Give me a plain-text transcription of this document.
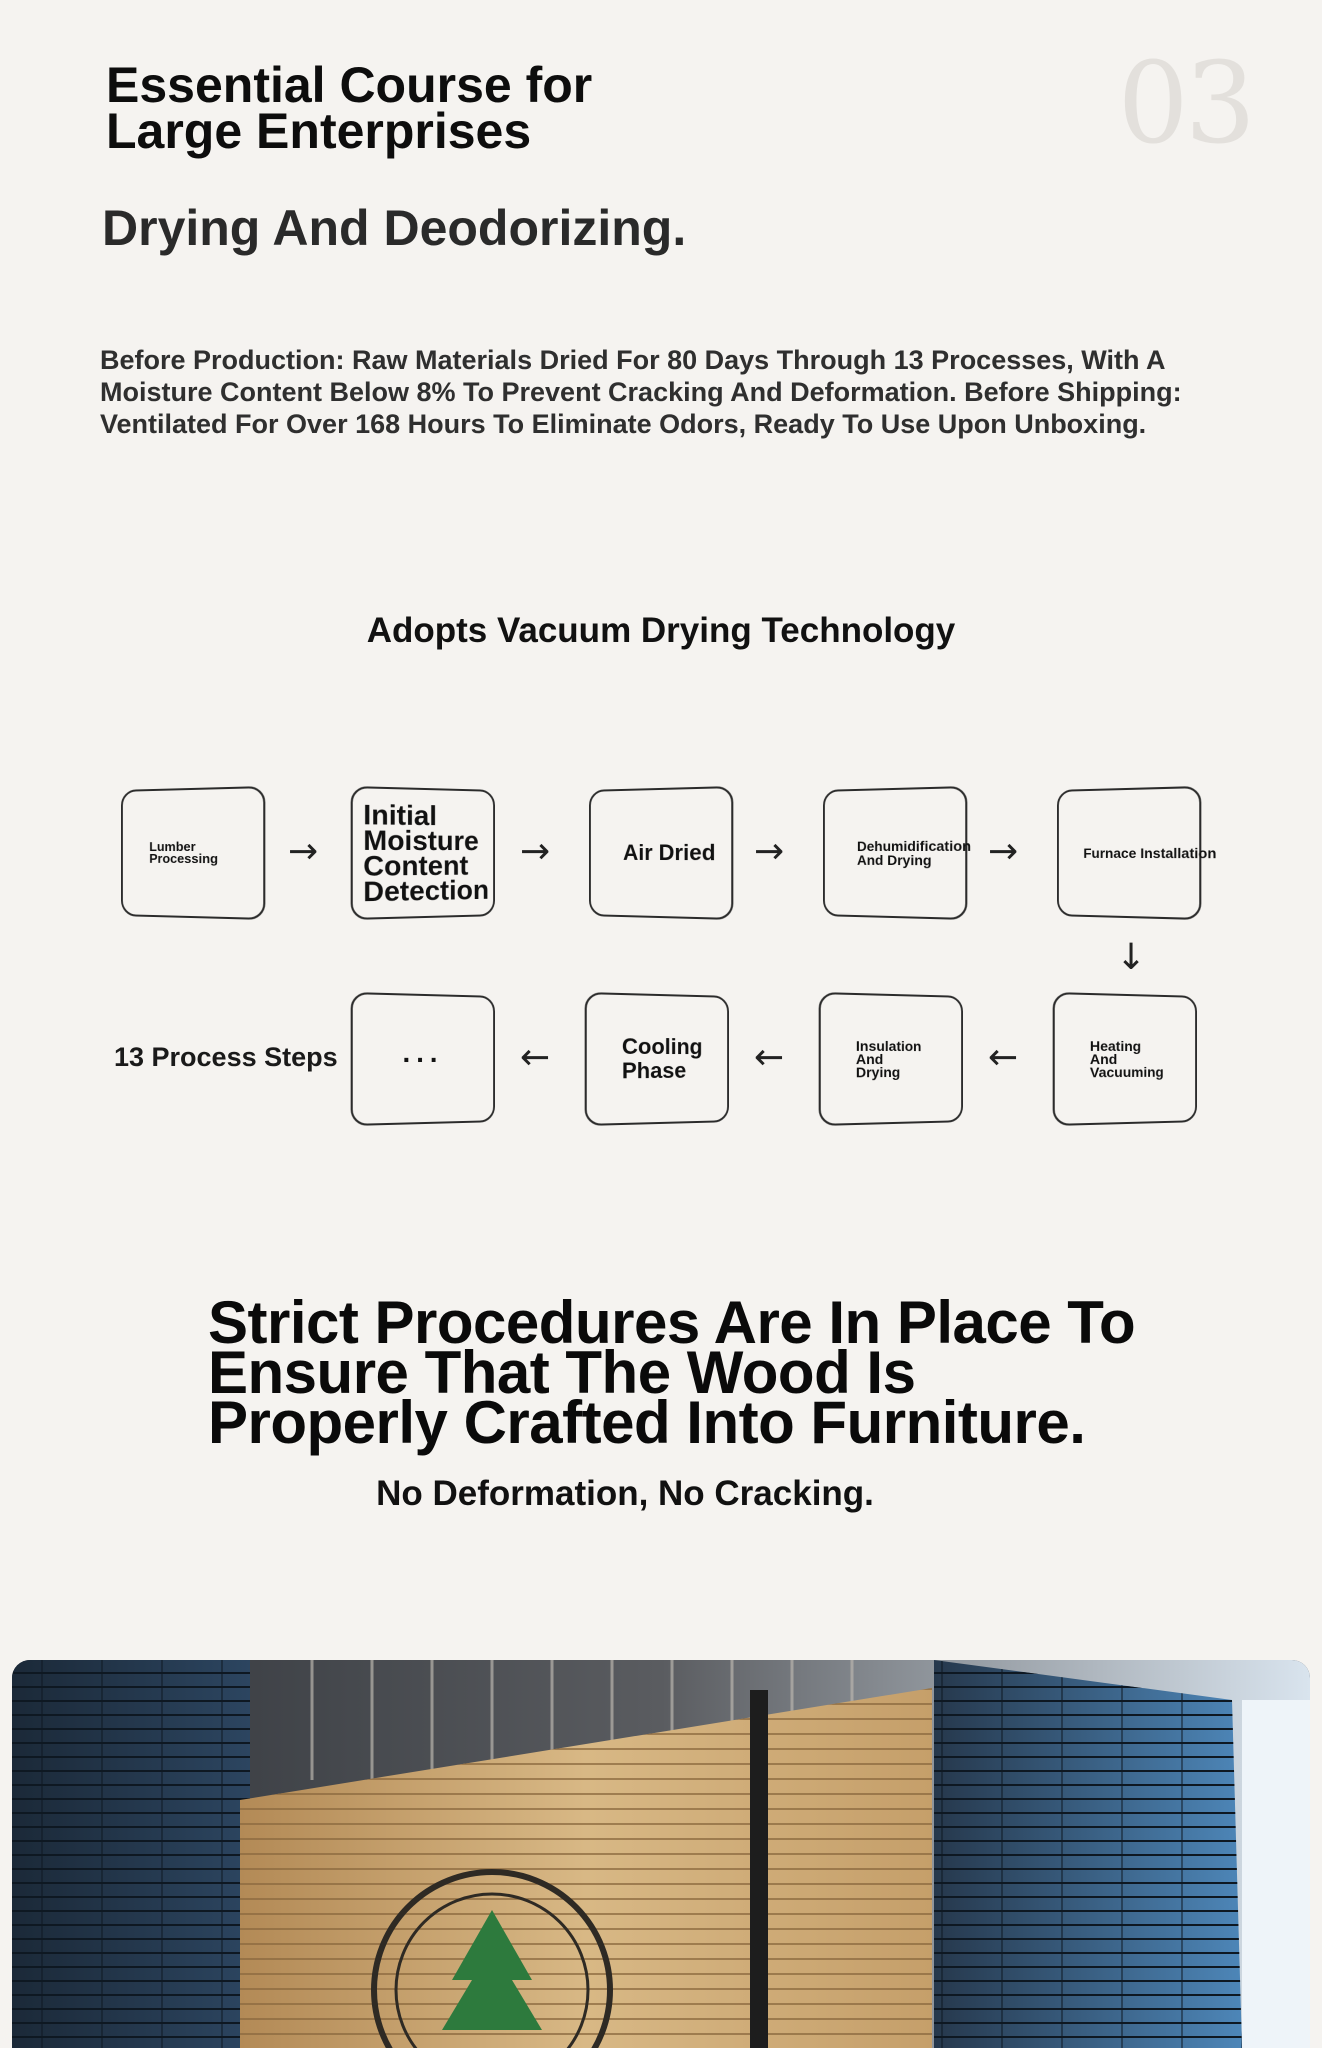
Essential Course for
Large Enterprises	03
Drying And Deodorizing.
Before Production: Raw Materials Dried For 80 Days Through 13 Processes, With A Moisture Content Below 8% To Prevent Cracking And Deformation. Before Shipping: Ventilated For Over 168 Hours To Eliminate Odors, Ready To Use Upon Unboxing.
Adopts Vacuum Drying Technology
Lumber Processing	→
Initial Moisture Content Detection
→	Air Dried →	Dehumidification And Drying	→	Furnace Installation
↓
13 Process Steps ... ←	Cooling Phase	←	Insulation And Drying	←	Heating And Vacuuming
Strict Procedures Are In Place To
Ensure That The Wood Is
Properly Crafted Into Furniture.
No Deformation, No Cracking.
